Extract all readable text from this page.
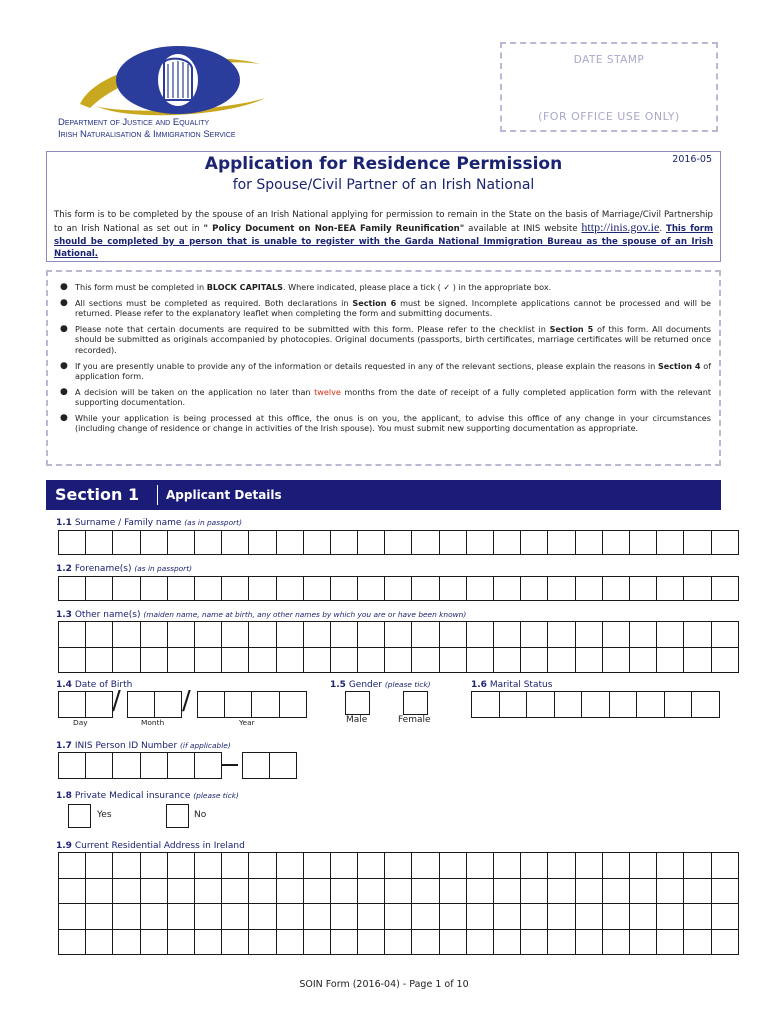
Department of Justice and Equality
Irish Naturalisation & Immigration Service
DATE STAMP
(FOR OFFICE USE ONLY)
Application for Residence Permission
for Spouse/Civil Partner of an Irish National
2016-05
This form is to be completed by the spouse of an Irish National applying for permission to remain in the State on the basis of Marriage/Civil Partnership to an Irish National as set out in " Policy Document on Non-EEA Family Reunification" available at INIS website http://inis.gov.ie. This form should be completed by a person that is unable to register with the Garda National Immigration Bureau as the spouse of an Irish National.
● This form must be completed in BLOCK CAPITALS. Where indicated, please place a tick ( ✓ ) in the appropriate box.
● All sections must be completed as required. Both declarations in Section 6 must be signed. Incomplete applications cannot be processed and will be returned. Please refer to the explanatory leaflet when completing the form and submitting documents.
● Please note that certain documents are required to be submitted with this form. Please refer to the checklist in Section 5 of this form. All documents should be submitted as originals accompanied by photocopies. Original documents (passports, birth certificates, marriage certificates will be returned once recorded).
● If you are presently unable to provide any of the information or details requested in any of the relevant sections, please explain the reasons in Section 4 of application form.
● A decision will be taken on the application no later than twelve months from the date of receipt of a fully completed application form with the relevant supporting documentation.
● While your application is being processed at this office, the onus is on you, the applicant, to advise this office of any change in your circumstances (including change of residence or change in activities of the Irish spouse). You must submit new supporting documentation as appropriate.
Section 1 Applicant Details
1.1 Surname / Family name (as in passport)

1.2 Forename(s) (as in passport)

1.3 Other name(s) (maiden name, name at birth, any other names by which you are or have been known)

1.4 Date of Birth

/
	/

Day	Month	Year
1.5 Gender (please tick)
Male	Female
1.6 Marital Status

1.7 INIS Person ID Number (if applicable)

1.8 Private Medical insurance (please tick)
Yes	No
1.9 Current Residential Address in Ireland

SOIN Form (2016-04) - Page 1 of 10
